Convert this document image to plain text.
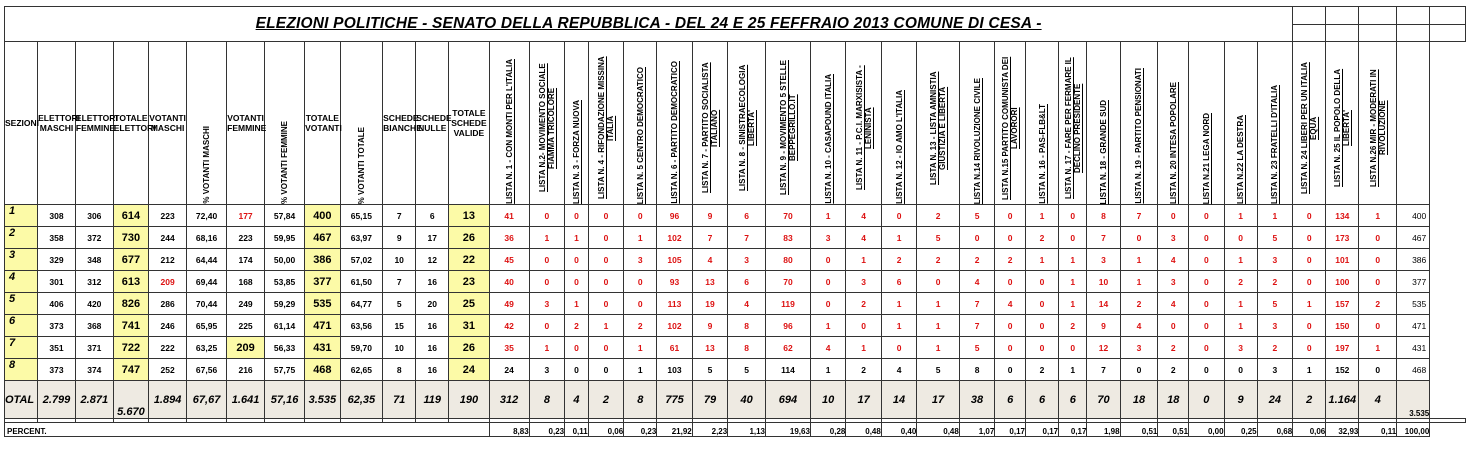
ELEZIONI POLITICHE - SENATO DELLA REPUBBLICA - DEL 24 E 25 FEFFRAIO 2013 COMUNE DI CESA -																																								

SEZIONI	ELETTORI MASCHI	ELETTORI FEMMINE	TOTALE ELETTORI	VOTANTI MASCHI	% VOTANTI MASCHI	VOTANTI FEMMINE	% VOTANTI FEMMINE	TOTALE VOTANTI	% VOTANTI TOTALE	SCHEDE BIANCHE	SCHEDE NULLE	TOTALE SCHEDE VALIDE	LISTA N. 1 - CON MONTI PER L'ITALIA	LISTA N.2- MOVIMENTO SOCIALE FIAMMA TRICOLORE	LISTA N. 3 - FORZA NUOVA	LISTA N. 4 - RIFONDAZIONE MISSINA ITALIA	LISTA N. 5 CENTRO DEMOCRATICO	LISTA N. 6 - PARTITO DEMOCRATICO	LISTA N. 7 - PARTITO SOCIALISTA ITALIANO	LISTA N. 8 - SINISTRAECOLOGIA LIBERTA'	LISTA N. 9 - MOVIMENTO 5 STELLE BEPPEGRILLO.IT	LISTA N. 10 - CASAPOUND ITALIA	LISTA N. 11 - P.C.I. MARXISISTA -LENINISTA	LISTA N. 12 - IO AMO L'ITALIA	LISTA N. 13 - LISTA AMNISTIA GIUSTIZIA E LIBERTA	LISTA N.14 RIVOLUZIONE CIVILE	LISTA N.15 PARTITO COMUNISTA DEI LAVORORI	LISTA N. 16 - PAS-FLB&LT	LISTA N. 17 - FARE PER FERMARE IL DECLINO PRESIDENTE	LISTA N. 18 - GRANDE SUD	LISTA N. 19 - PARTITO PENSIONATI	LISTA N. 20 INTESA POPOLARE	LISTA N.21 LEGA NORD	LISTA N.22 LA DESTRA	LISTA N. 23 FRATELLI D'ITALIA	LISTA N. 24 LIBERI PER UN ITALIA EQUA	LISTA N. 25 IL POPOLO DELLA LIBERTA'	LISTA N.26 MIR - MODERATI IN RIVOLUZIONE		

1	308	306	614	223	72,40	177	57,84	400	65,15	7	6	13	41	0	0	0	0	96	9	6	70	1	4	0	2	5	0	1	0	8	7	0	0	1	1	0	134	1	400	
2	358	372	730	244	68,16	223	59,95	467	63,97	9	17	26	36	1	1	0	1	102	7	7	83	3	4	1	5	0	0	2	0	7	0	3	0	0	5	0	173	0	467	
3	329	348	677	212	64,44	174	50,00	386	57,02	10	12	22	45	0	0	0	3	105	4	3	80	0	1	2	2	2	2	1	1	3	1	4	0	1	3	0	101	0	386	
4	301	312	613	209	69,44	168	53,85	377	61,50	7	16	23	40	0	0	0	0	93	13	6	70	0	3	6	0	4	0	0	1	10	1	3	0	2	2	0	100	0	377	
5	406	420	826	286	70,44	249	59,29	535	64,77	5	20	25	49	3	1	0	0	113	19	4	119	0	2	1	1	7	4	0	1	14	2	4	0	1	5	1	157	2	535	
6	373	368	741	246	65,95	225	61,14	471	63,56	15	16	31	42	0	2	1	2	102	9	8	96	1	0	1	1	7	0	0	2	9	4	0	0	1	3	0	150	0	471	
7	351	371	722	222	63,25	209	56,33	431	59,70	10	16	26	35	1	0	0	1	61	13	8	62	4	1	0	1	5	0	0	0	12	3	2	0	3	2	0	197	1	431	
8	373	374	747	252	67,56	216	57,75	468	62,65	8	16	24	24	3	0	0	1	103	5	5	114	1	2	4	5	8	0	2	1	7	0	2	0	0	3	1	152	0	468	
OTAL	2.799	2.871	5.670	1.894	67,67	1.641	57,16	3.535	62,35	71	119	190	312	8	4	2	8	775	79	40	694	10	17	14	17	38	6	6	6	70	18	18	0	9	24	2	1.164	4	3.535	

PERCENT.													8,83	0,23	0,11	0,06	0,23	21,92	2,23	1,13	19,63	0,28	0,48	0,40	0,48	1,07	0,17	0,17	0,17	1,98	0,51	0,51	0,00	0,25	0,68	0,06	32,93	0,11	100,00	
